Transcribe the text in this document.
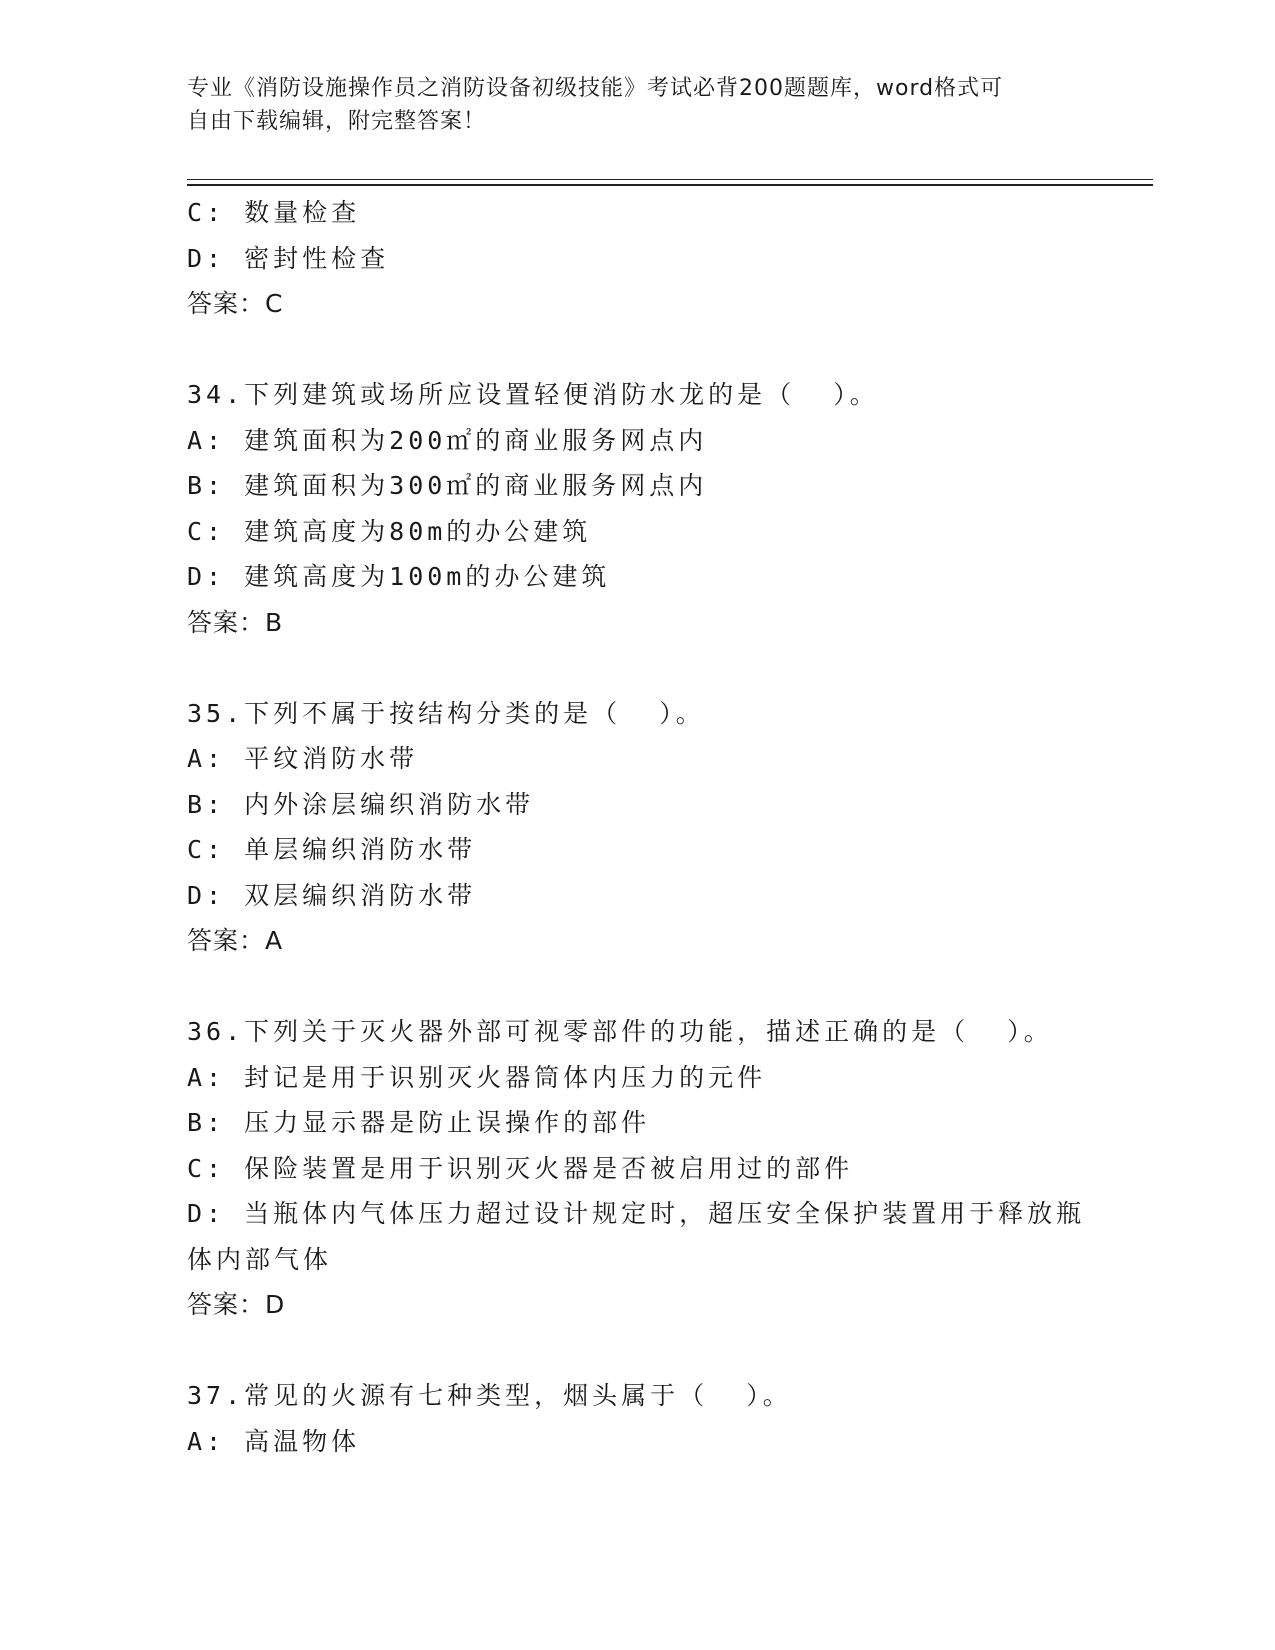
专业《消防设施操作员之消防设备初级技能》考试必背200题题库，word格式可
自由下载编辑，附完整答案！
C: 数量检查
D: 密封性检查
答案：C
34.下列建筑或场所应设置轻便消防水龙的是（  ）。
A: 建筑面积为200㎡的商业服务网点内
B: 建筑面积为300㎡的商业服务网点内
C: 建筑高度为80m的办公建筑
D: 建筑高度为100m的办公建筑
答案：B
35.下列不属于按结构分类的是（  ）。
A: 平纹消防水带
B: 内外涂层编织消防水带
C: 单层编织消防水带
D: 双层编织消防水带
答案：A
36.下列关于灭火器外部可视零部件的功能，描述正确的是（  ）。
A: 封记是用于识别灭火器筒体内压力的元件
B: 压力显示器是防止误操作的部件
C: 保险装置是用于识别灭火器是否被启用过的部件
D: 当瓶体内气体压力超过设计规定时，超压安全保护装置用于释放瓶
体内部气体
答案：D
37.常见的火源有七种类型，烟头属于（  ）。
A: 高温物体
